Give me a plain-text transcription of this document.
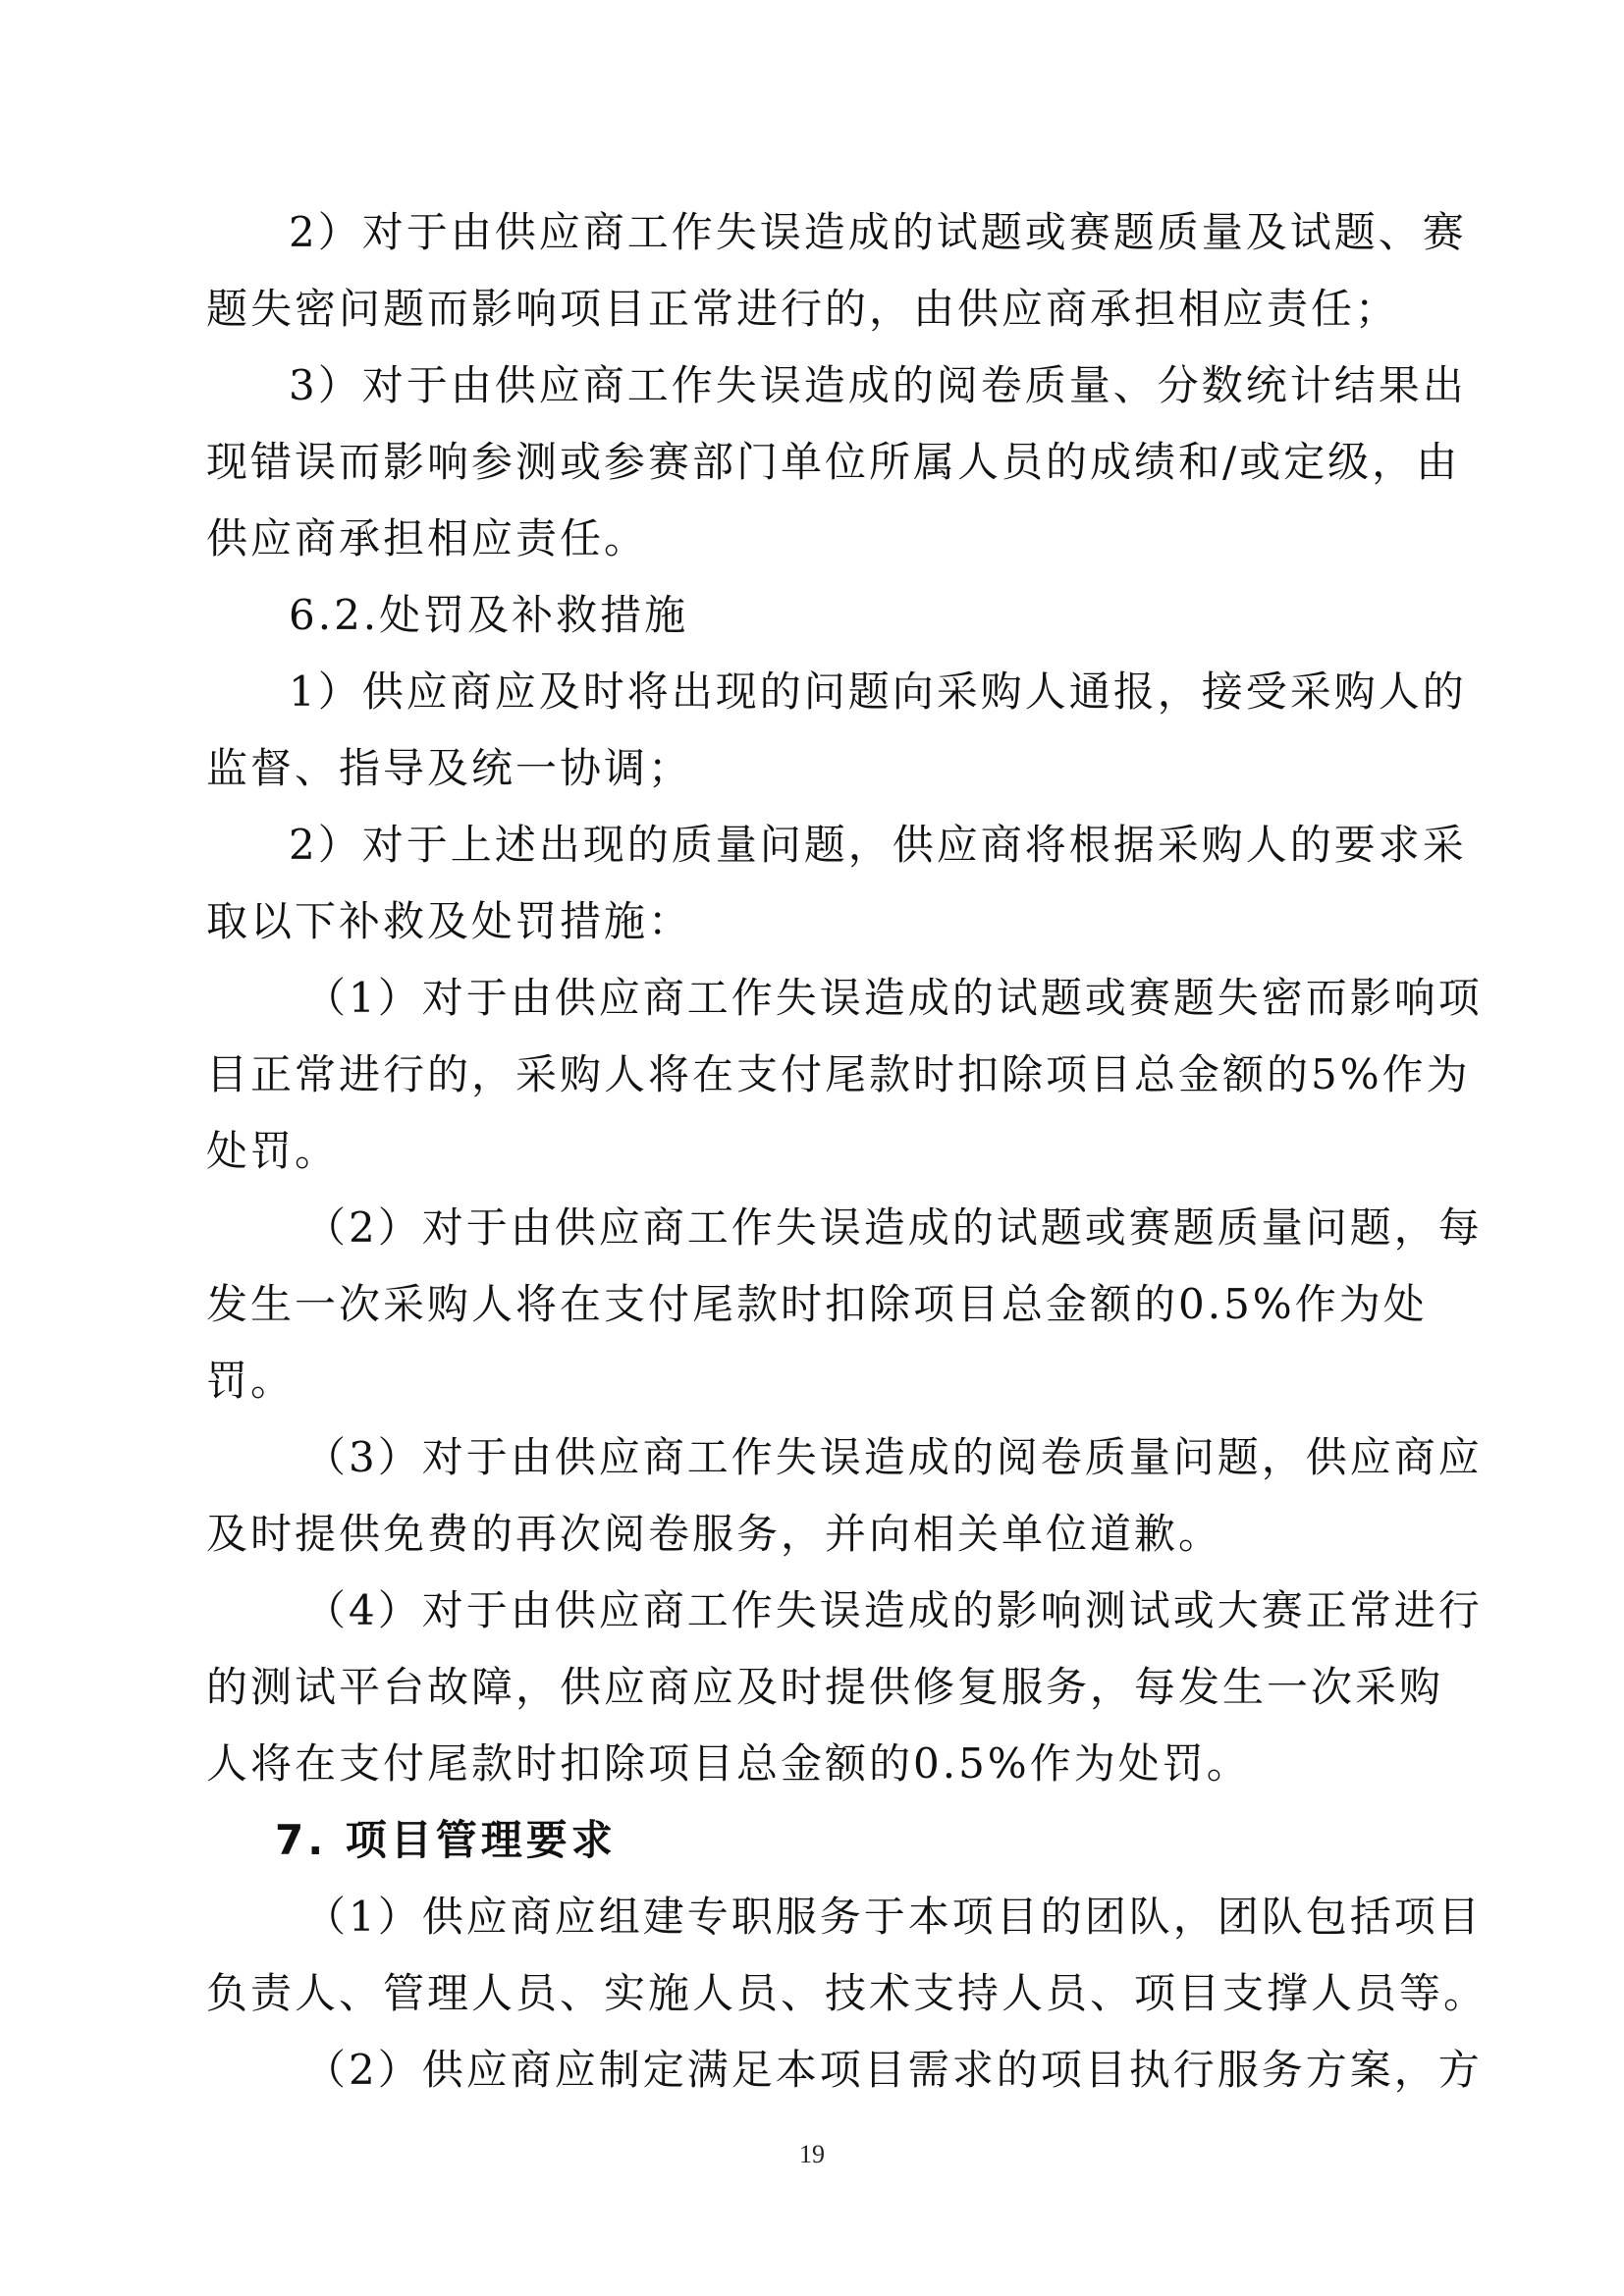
2）对于由供应商工作失误造成的试题或赛题质量及试题、赛
题失密问题而影响项目正常进行的，由供应商承担相应责任；
3）对于由供应商工作失误造成的阅卷质量、分数统计结果出
现错误而影响参测或参赛部门单位所属人员的成绩和/或定级，由
供应商承担相应责任。
6.2.处罚及补救措施
1）供应商应及时将出现的问题向采购人通报，接受采购人的
监督、指导及统一协调；
2）对于上述出现的质量问题，供应商将根据采购人的要求采
取以下补救及处罚措施：
（1）对于由供应商工作失误造成的试题或赛题失密而影响项
目正常进行的，采购人将在支付尾款时扣除项目总金额的5%作为
处罚。
（2）对于由供应商工作失误造成的试题或赛题质量问题，每
发生一次采购人将在支付尾款时扣除项目总金额的0.5%作为处
罚。
（3）对于由供应商工作失误造成的阅卷质量问题，供应商应
及时提供免费的再次阅卷服务，并向相关单位道歉。
（4）对于由供应商工作失误造成的影响测试或大赛正常进行
的测试平台故障，供应商应及时提供修复服务，每发生一次采购
人将在支付尾款时扣除项目总金额的0.5%作为处罚。
7. 项目管理要求
（1）供应商应组建专职服务于本项目的团队，团队包括项目
负责人、管理人员、实施人员、技术支持人员、项目支撑人员等。
（2）供应商应制定满足本项目需求的项目执行服务方案，方
19
